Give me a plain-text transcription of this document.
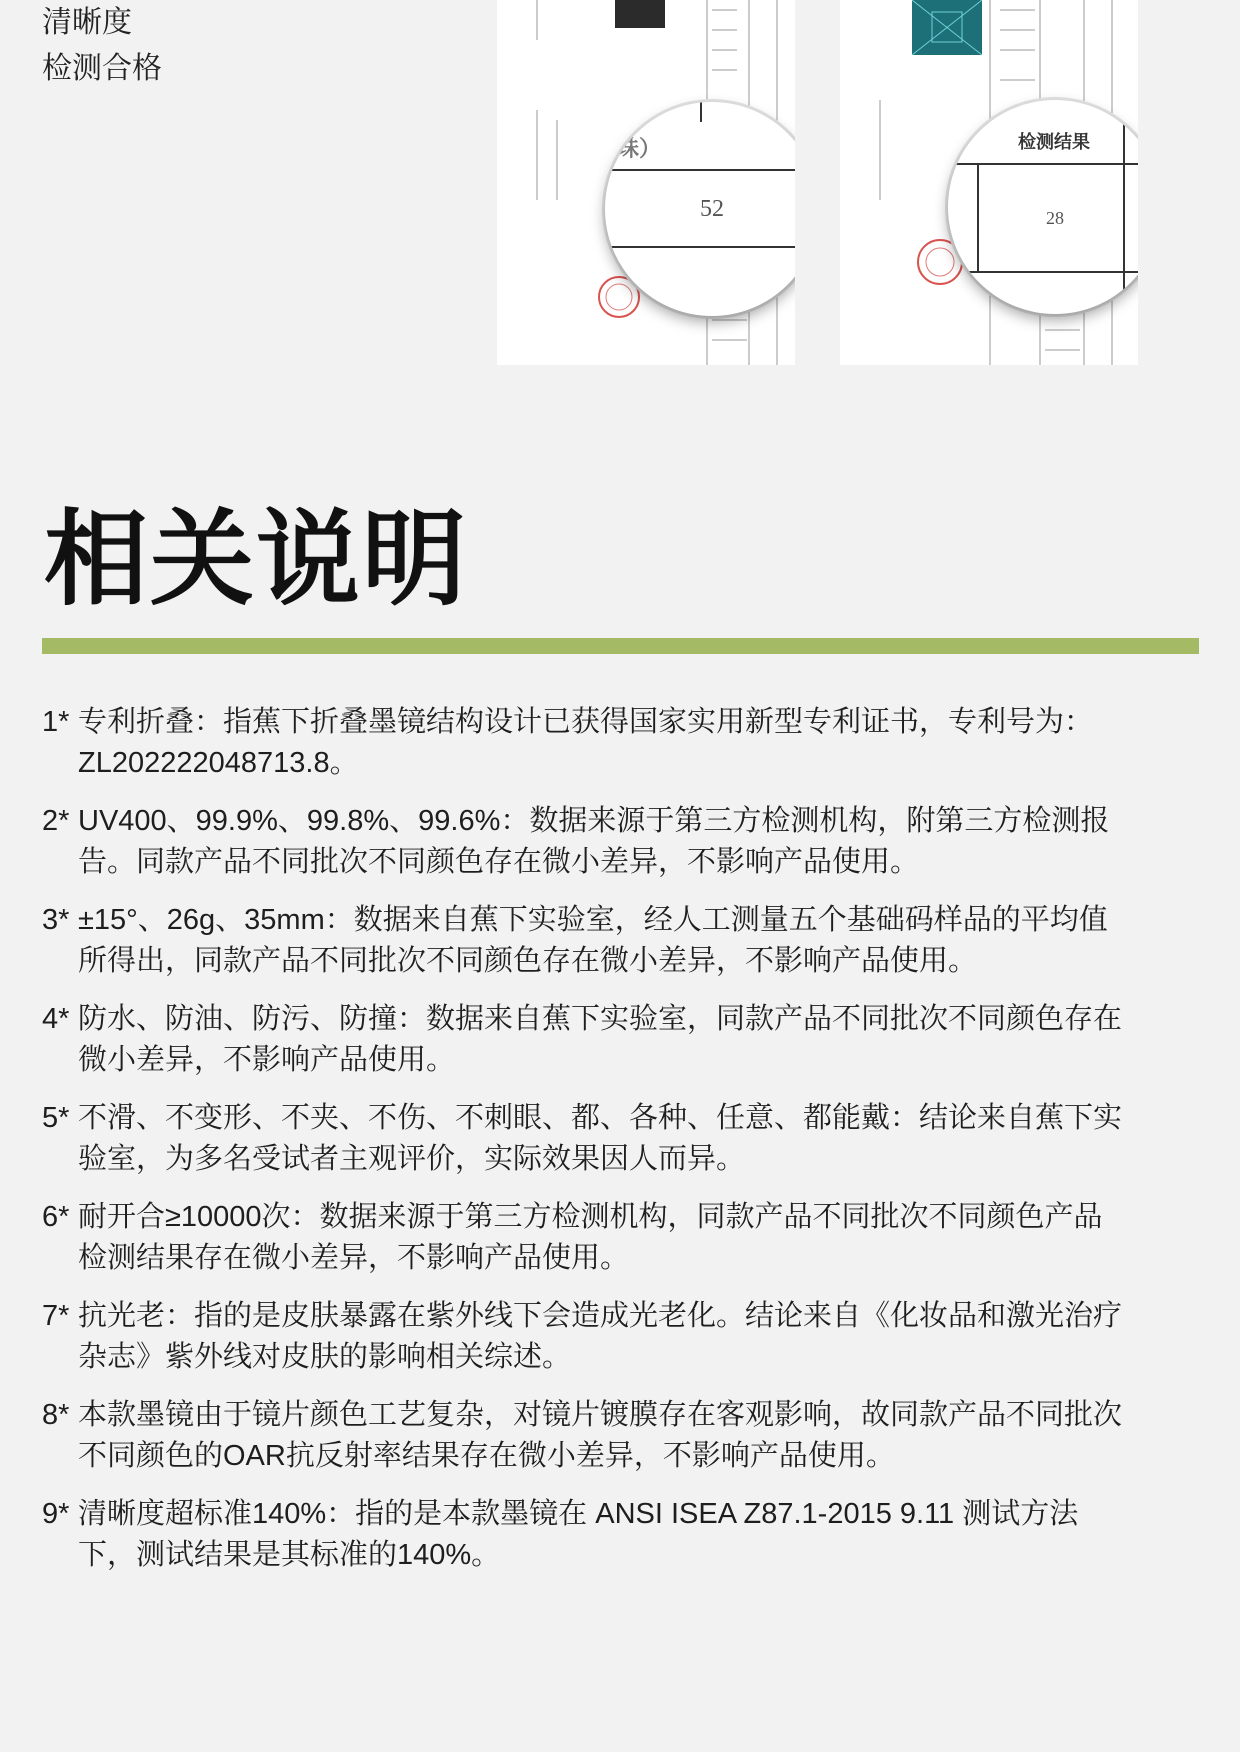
清晰度
检测合格
珠）
52
检测结果
28
相关说明
1* 专利折叠：指蕉下折叠墨镜结构设计已获得国家实用新型专利证书，专利号为：ZL202222048713.8。
2* UV400、99.9%、99.8%、99.6%：数据来源于第三方检测机构，附第三方检测报告。同款产品不同批次不同颜色存在微小差异，不影响产品使用。
3* ±15°、26g、35mm：数据来自蕉下实验室，经人工测量五个基础码样品的平均值所得出，同款产品不同批次不同颜色存在微小差异，不影响产品使用。
4* 防水、防油、防污、防撞：数据来自蕉下实验室，同款产品不同批次不同颜色存在微小差异，不影响产品使用。
5* 不滑、不变形、不夹、不伤、不刺眼、都、各种、任意、都能戴：结论来自蕉下实验室，为多名受试者主观评价，实际效果因人而异。
6* 耐开合≥10000次：数据来源于第三方检测机构，同款产品不同批次不同颜色产品检测结果存在微小差异，不影响产品使用。
7* 抗光老：指的是皮肤暴露在紫外线下会造成光老化。结论来自《化妆品和激光治疗杂志》紫外线对皮肤的影响相关综述。
8* 本款墨镜由于镜片颜色工艺复杂，对镜片镀膜存在客观影响，故同款产品不同批次不同颜色的OAR抗反射率结果存在微小差异，不影响产品使用。
9* 清晰度超标准140%：指的是本款墨镜在 ANSI ISEA Z87.1-2015 9.11 测试方法下，测试结果是其标准的140%。
